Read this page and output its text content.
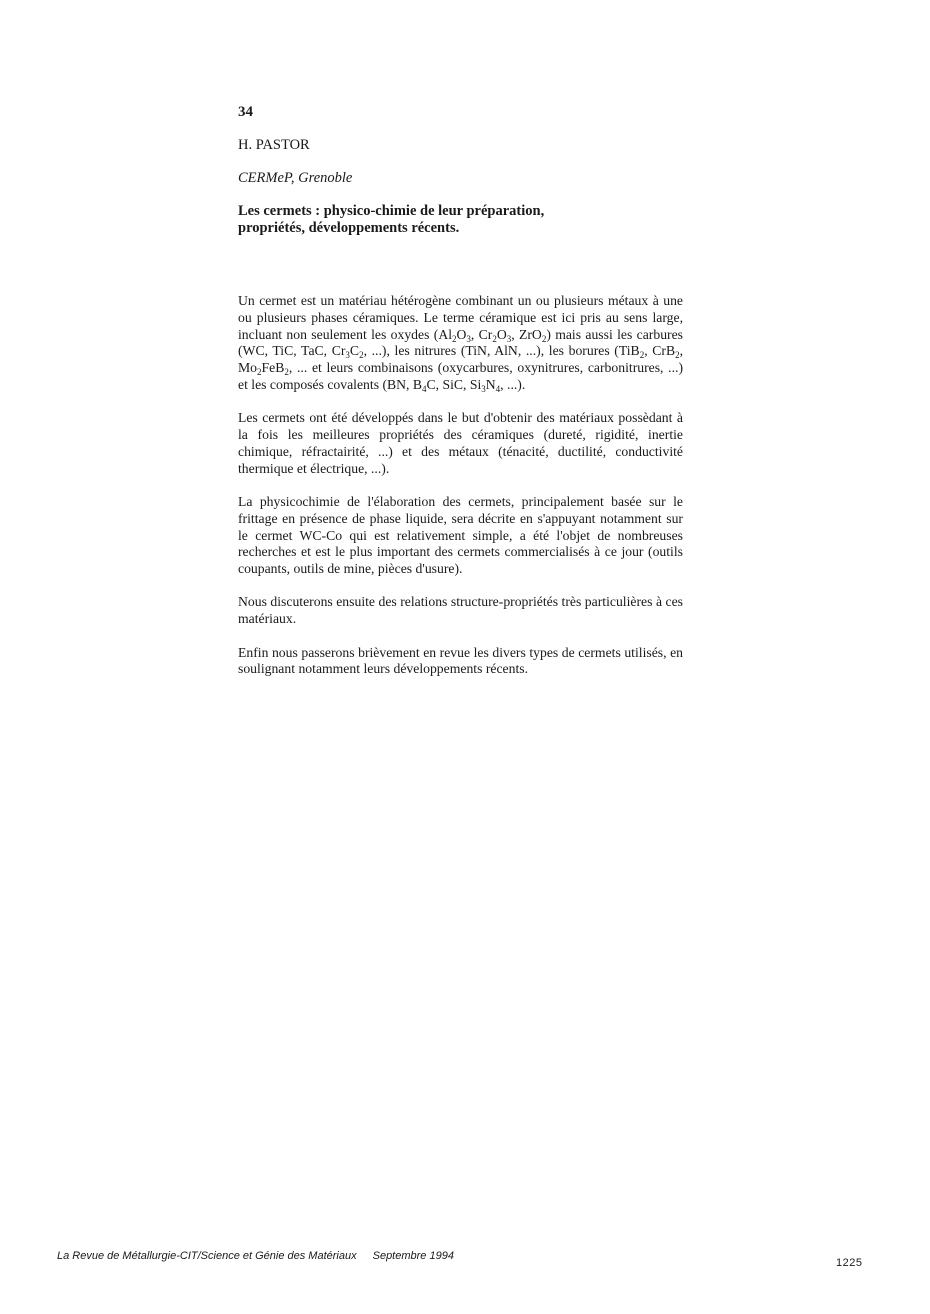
34
H. PASTOR
CERMeP, Grenoble
Les cermets : physico-chimie de leur préparation,
propriétés, développements récents.

Un cermet est un matériau hétérogène combinant un ou plusieurs métaux à une ou plusieurs phases céramiques. Le terme céramique est ici pris au sens large, incluant non seulement les oxydes ($Al_2O_3$, $Cr_2O_3$, ZrO$_2$) mais aussi les carbures (WC, TiC, TaC, $Cr_3C_2$, ...), les nitrures (TiN, AlN, ...), les borures (TiB$_2$, CrB$_2$, $Mo_2FeB_2$, ... et leurs combinaisons (oxycarbures, oxynitrures, carbonitrures, ...) et les composés covalents (BN, $B_4C$, SiC, $Si_3N_4$, ...).

Les cermets ont été développés dans le but d'obtenir des matériaux possèdant à la fois les meilleures propriétés des céramiques (dureté, rigidité, inertie chimique, réfractairité, ...) et des métaux (ténacité, ductilité, conductivité thermique et électrique, ...).

La physicochimie de l'élaboration des cermets, principalement basée sur le frittage en présence de phase liquide, sera décrite en s'appuyant notamment sur le cermet WC-Co qui est relativement simple, a été l'objet de nombreuses recherches et est le plus important des cermets commercialisés à ce jour (outils coupants, outils de mine, pièces d'usure).

Nous discuterons ensuite des relations structure-propriétés très particulières à ces matériaux.

Enfin nous passerons brièvement en revue les divers types de cermets utilisés, en soulignant notamment leurs développements récents.

La Revue de Métallurgie-CIT/Science et Génie des Matériaux Septembre 1994
1225
